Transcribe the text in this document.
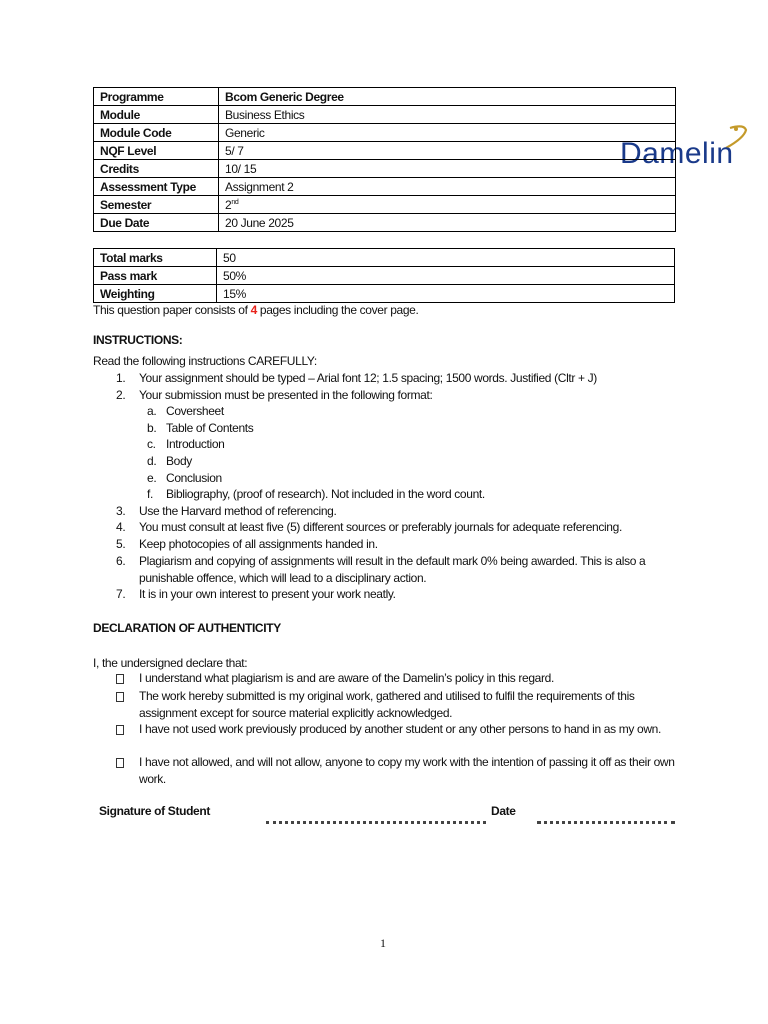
Damelin
Programme	Bcom Generic Degree
Module	Business Ethics
Module Code	Generic
NQF Level	5/ 7
Credits	10/ 15
Assessment Type	Assignment 2
Semester	2nd
Due Date	20 June 2025
Total marks	50
Pass mark	50%
Weighting	15%
This question paper consists of 4 pages including the cover page.
INSTRUCTIONS:
Read the following instructions CAREFULLY:
1. Your assignment should be typed – Arial font 12; 1.5 spacing; 1500 words. Justified (Cltr + J)
2. Your submission must be presented in the following format:
a. Coversheet
b. Table of Contents
c. Introduction
d. Body
e. Conclusion
f. Bibliography, (proof of research). Not included in the word count.
3. Use the Harvard method of referencing.
4. You must consult at least five (5) different sources or preferably journals for adequate referencing.
5. Keep photocopies of all assignments handed in.
6. Plagiarism and copying of assignments will result in the default mark 0% being awarded. This is also a punishable offence, which will lead to a disciplinary action.
7. It is in your own interest to present your work neatly.
DECLARATION OF AUTHENTICITY
I, the undersigned declare that:
I understand what plagiarism is and are aware of the Damelin’s policy in this regard.
The work hereby submitted is my original work, gathered and utilised to fulfil the requirements of this assignment except for source material explicitly acknowledged.
I have not used work previously produced by another student or any other persons to hand in as my own.
I have not allowed, and will not allow, anyone to copy my work with the intention of passing it off as their own work.
Signature of Student	Date
1
